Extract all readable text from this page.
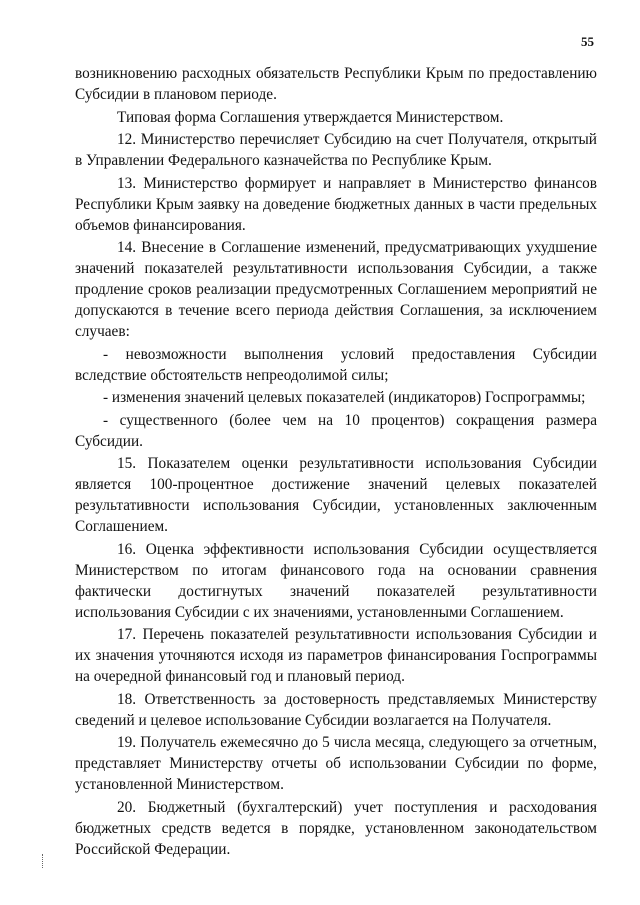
55

возникновению расходных обязательств Республики Крым по предоставлению Субсидии в плановом периоде.

Типовая форма Соглашения утверждается Министерством.

12. Министерство перечисляет Субсидию на счет Получателя, открытый в Управлении Федерального казначейства по Республике Крым.

13. Министерство формирует и направляет в Министерство финансов Республики Крым заявку на доведение бюджетных данных в части предельных объемов финансирования.

14. Внесение в Соглашение изменений, предусматривающих ухудшение значений показателей результативности использования Субсидии, а также продление сроков реализации предусмотренных Соглашением мероприятий не допускаются в течение всего периода действия Соглашения, за исключением случаев:

- невозможности выполнения условий предоставления Субсидии вследствие обстоятельств непреодолимой силы;

- изменения значений целевых показателей (индикаторов) Госпрограммы;

- существенного (более чем на 10 процентов) сокращения размера Субсидии.

15. Показателем оценки результативности использования Субсидии является 100-процентное достижение значений целевых показателей результативности использования Субсидии, установленных заключенным Соглашением.

16. Оценка эффективности использования Субсидии осуществляется Министерством по итогам финансового года на основании сравнения фактически достигнутых значений показателей результативности использования Субсидии с их значениями, установленными Соглашением.

17. Перечень показателей результативности использования Субсидии и их значения уточняются исходя из параметров финансирования Госпрограммы на очередной финансовый год и плановый период.

18. Ответственность за достоверность представляемых Министерству сведений и целевое использование Субсидии возлагается на Получателя.

19. Получатель ежемесячно до 5 числа месяца, следующего за отчетным, представляет Министерству отчеты об использовании Субсидии по форме, установленной Министерством.

20. Бюджетный (бухгалтерский) учет поступления и расходования бюджетных средств ведется в порядке, установленном законодательством Российской Федерации.
